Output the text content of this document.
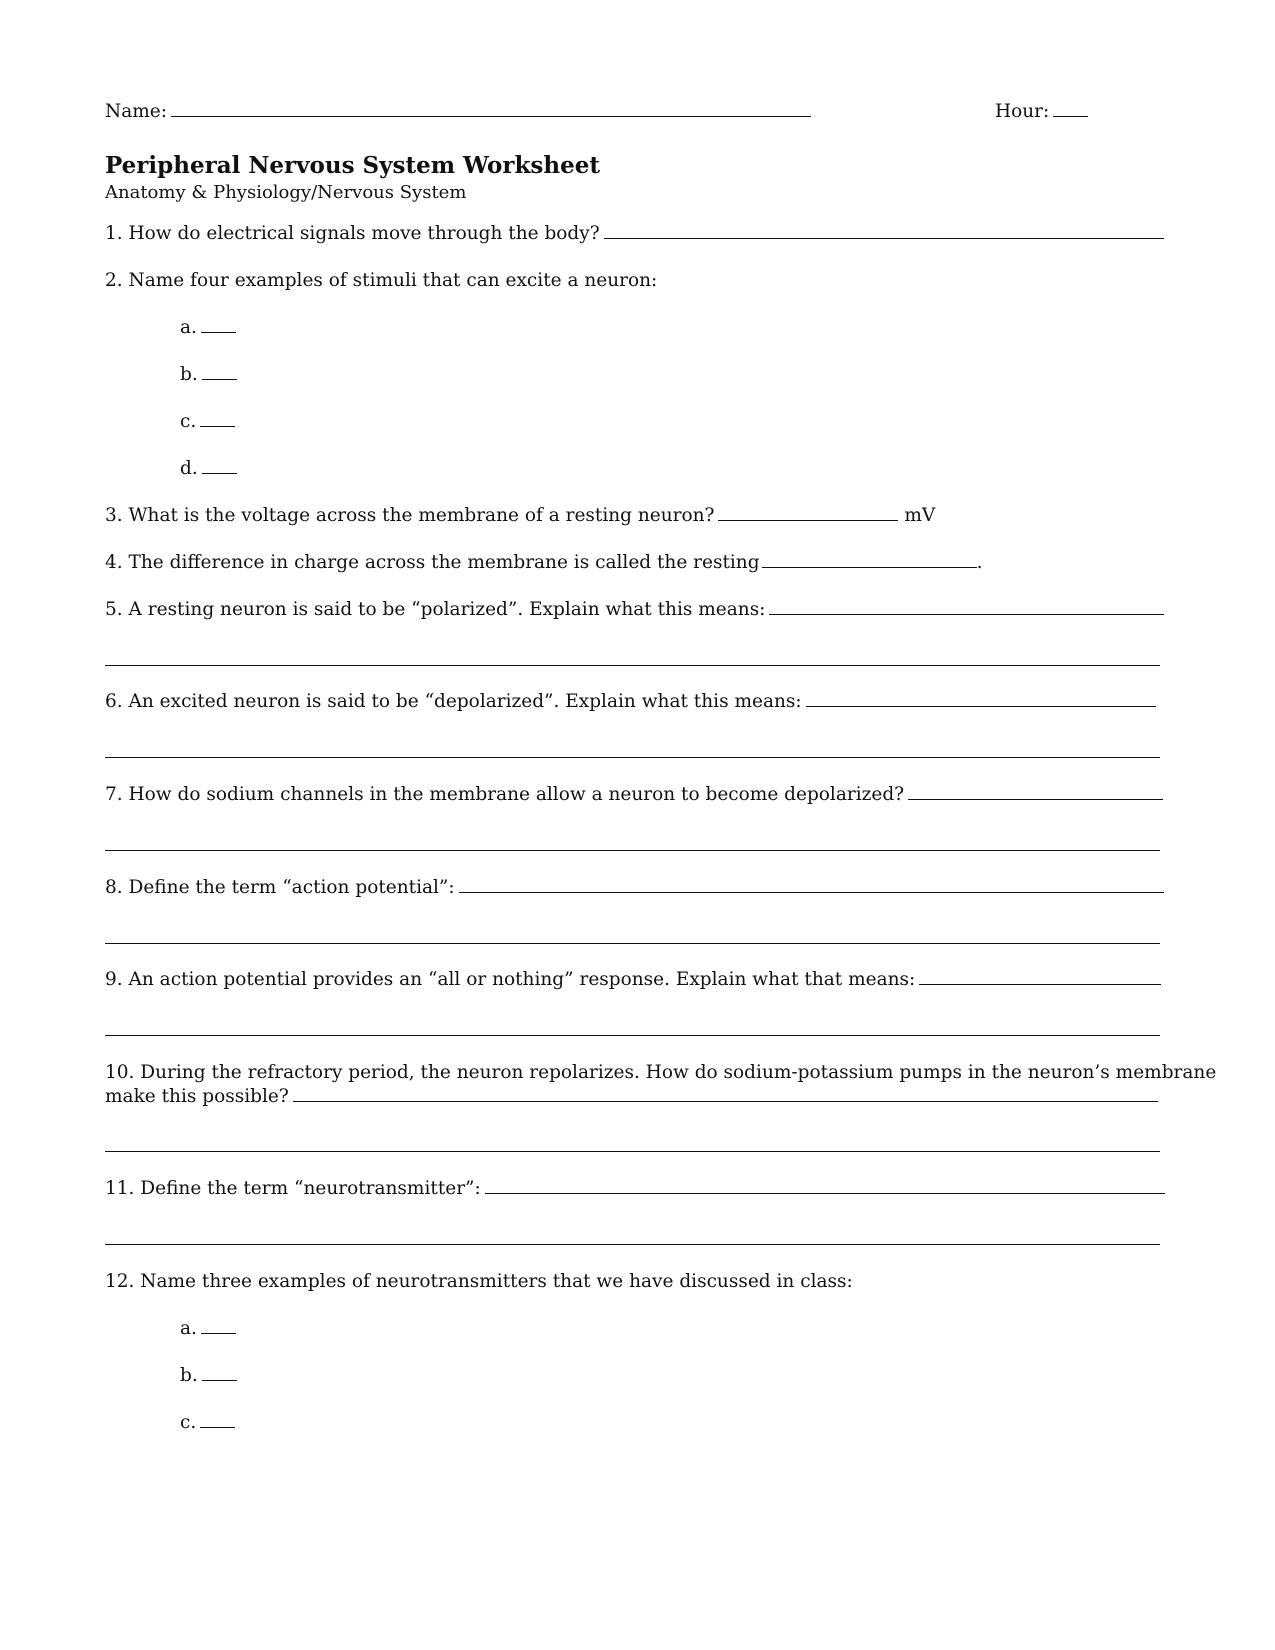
Name:	Hour:
Peripheral Nervous System Worksheet
Anatomy & Physiology/Nervous System
1. How do electrical signals move through the body?
2. Name four examples of stimuli that can excite a neuron:
a.
b.
c.
d.
3. What is the voltage across the membrane of a resting neuron?	mV
4. The difference in charge across the membrane is called the resting	.
5. A resting neuron is said to be “polarized”. Explain what this means:
6. An excited neuron is said to be “depolarized”. Explain what this means:
7. How do sodium channels in the membrane allow a neuron to become depolarized?
8. Define the term “action potential”:
9. An action potential provides an “all or nothing” response. Explain what that means:
10. During the refractory period, the neuron repolarizes. How do sodium-potassium pumps in the neuron’s membrane
make this possible?
11. Define the term “neurotransmitter”:
12. Name three examples of neurotransmitters that we have discussed in class:
a.
b.
c.
